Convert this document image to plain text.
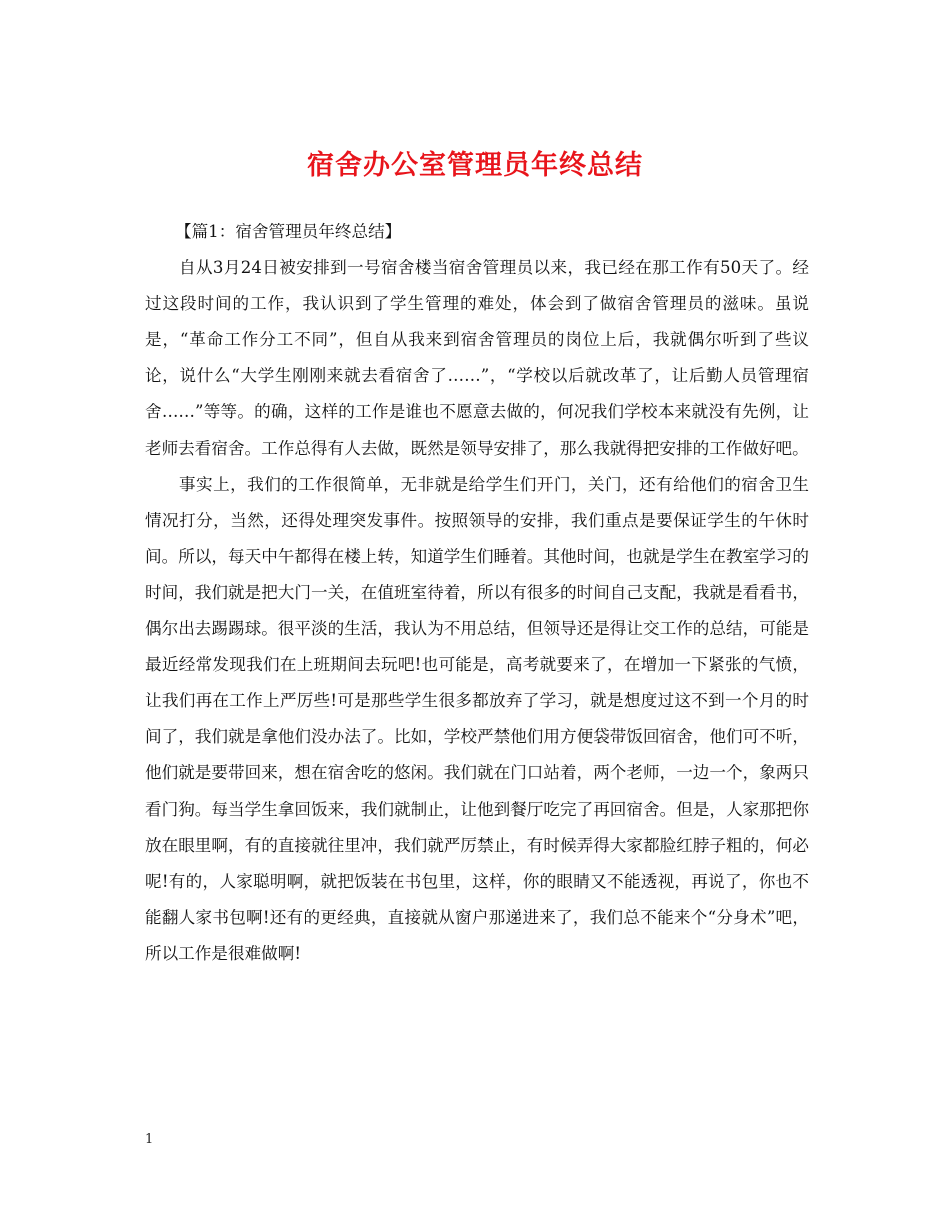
宿舍办公室管理员年终总结

【篇1：宿舍管理员年终总结】

自从3月24日被安排到一号宿舍楼当宿舍管理员以来，我已经在那工作有50天了。经过这段时间的工作，我认识到了学生管理的难处，体会到了做宿舍管理员的滋味。虽说是，“革命工作分工不同”，但自从我来到宿舍管理员的岗位上后，我就偶尔听到了些议论，说什么“大学生刚刚来就去看宿舍了……”，“学校以后就改革了，让后勤人员管理宿舍……”等等。的确，这样的工作是谁也不愿意去做的，何况我们学校本来就没有先例，让老师去看宿舍。工作总得有人去做，既然是领导安排了，那么我就得把安排的工作做好吧。

事实上，我们的工作很简单，无非就是给学生们开门，关门，还有给他们的宿舍卫生情况打分，当然，还得处理突发事件。按照领导的安排，我们重点是要保证学生的午休时间。所以，每天中午都得在楼上转，知道学生们睡着。其他时间，也就是学生在教室学习的时间，我们就是把大门一关，在值班室待着，所以有很多的时间自己支配，我就是看看书，偶尔出去踢踢球。很平淡的生活，我认为不用总结，但领导还是得让交工作的总结，可能是最近经常发现我们在上班期间去玩吧!也可能是，高考就要来了，在增加一下紧张的气愤，让我们再在工作上严厉些!可是那些学生很多都放弃了学习，就是想度过这不到一个月的时间了，我们就是拿他们没办法了。比如，学校严禁他们用方便袋带饭回宿舍，他们可不听，他们就是要带回来，想在宿舍吃的悠闲。我们就在门口站着，两个老师，一边一个，象两只看门狗。每当学生拿回饭来，我们就制止，让他到餐厅吃完了再回宿舍。但是，人家那把你放在眼里啊，有的直接就往里冲，我们就严厉禁止，有时候弄得大家都脸红脖子粗的，何必呢!有的，人家聪明啊，就把饭装在书包里，这样，你的眼睛又不能透视，再说了，你也不能翻人家书包啊!还有的更经典，直接就从窗户那递进来了，我们总不能来个“分身术”吧，所以工作是很难做啊!

1
